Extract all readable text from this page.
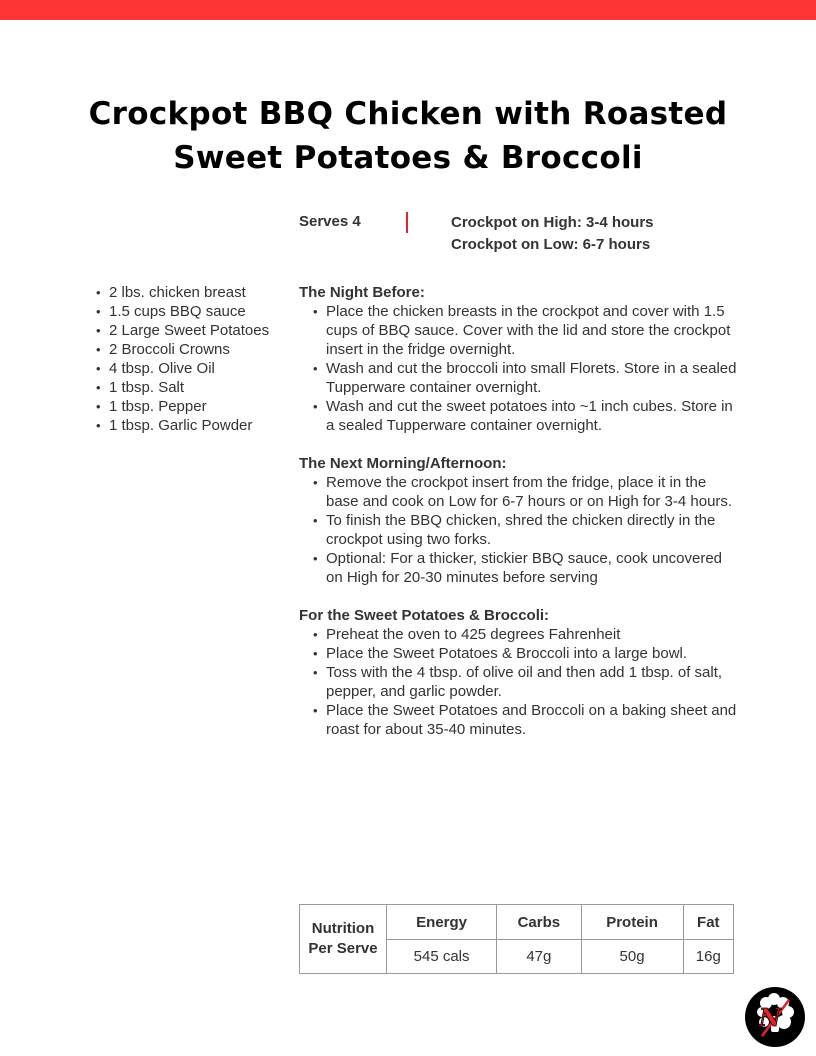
Crockpot BBQ Chicken with Roasted
Sweet Potatoes & Broccoli
Serves 4	Crockpot on High: 3-4 hours
Crockpot on Low: 6-7 hours
• 2 lbs. chicken breast
• 1.5 cups BBQ sauce
• 2 Large Sweet Potatoes
• 2 Broccoli Crowns
• 4 tbsp. Olive Oil
• 1 tbsp. Salt
• 1 tbsp. Pepper
• 1 tbsp. Garlic Powder
The Night Before:
• Place the chicken breasts in the crockpot and cover with 1.5 cups of BBQ sauce. Cover with the lid and store the crockpot insert in the fridge overnight.
• Wash and cut the broccoli into small Florets. Store in a sealed Tupperware container overnight.
• Wash and cut the sweet potatoes into ~1 inch cubes. Store in a sealed Tupperware container overnight.
The Next Morning/Afternoon:
• Remove the crockpot insert from the fridge, place it in the base and cook on Low for 6-7 hours or on High for 3-4 hours.
• To finish the BBQ chicken, shred the chicken directly in the crockpot using two forks.
• Optional: For a thicker, stickier BBQ sauce, cook uncovered on High for 20-30 minutes before serving
For the Sweet Potatoes & Broccoli:
• Preheat the oven to 425 degrees Fahrenheit
• Place the Sweet Potatoes & Broccoli into a large bowl.
• Toss with the 4 tbsp. of olive oil and then add 1 tbsp. of salt, pepper, and garlic powder.
• Place the Sweet Potatoes and Broccoli on a baking sheet and roast for about 35-40 minutes.
Nutrition
Per Serve	Energy	Carbs	Protein	Fat
	545 cals	47g	50g	16g
N
